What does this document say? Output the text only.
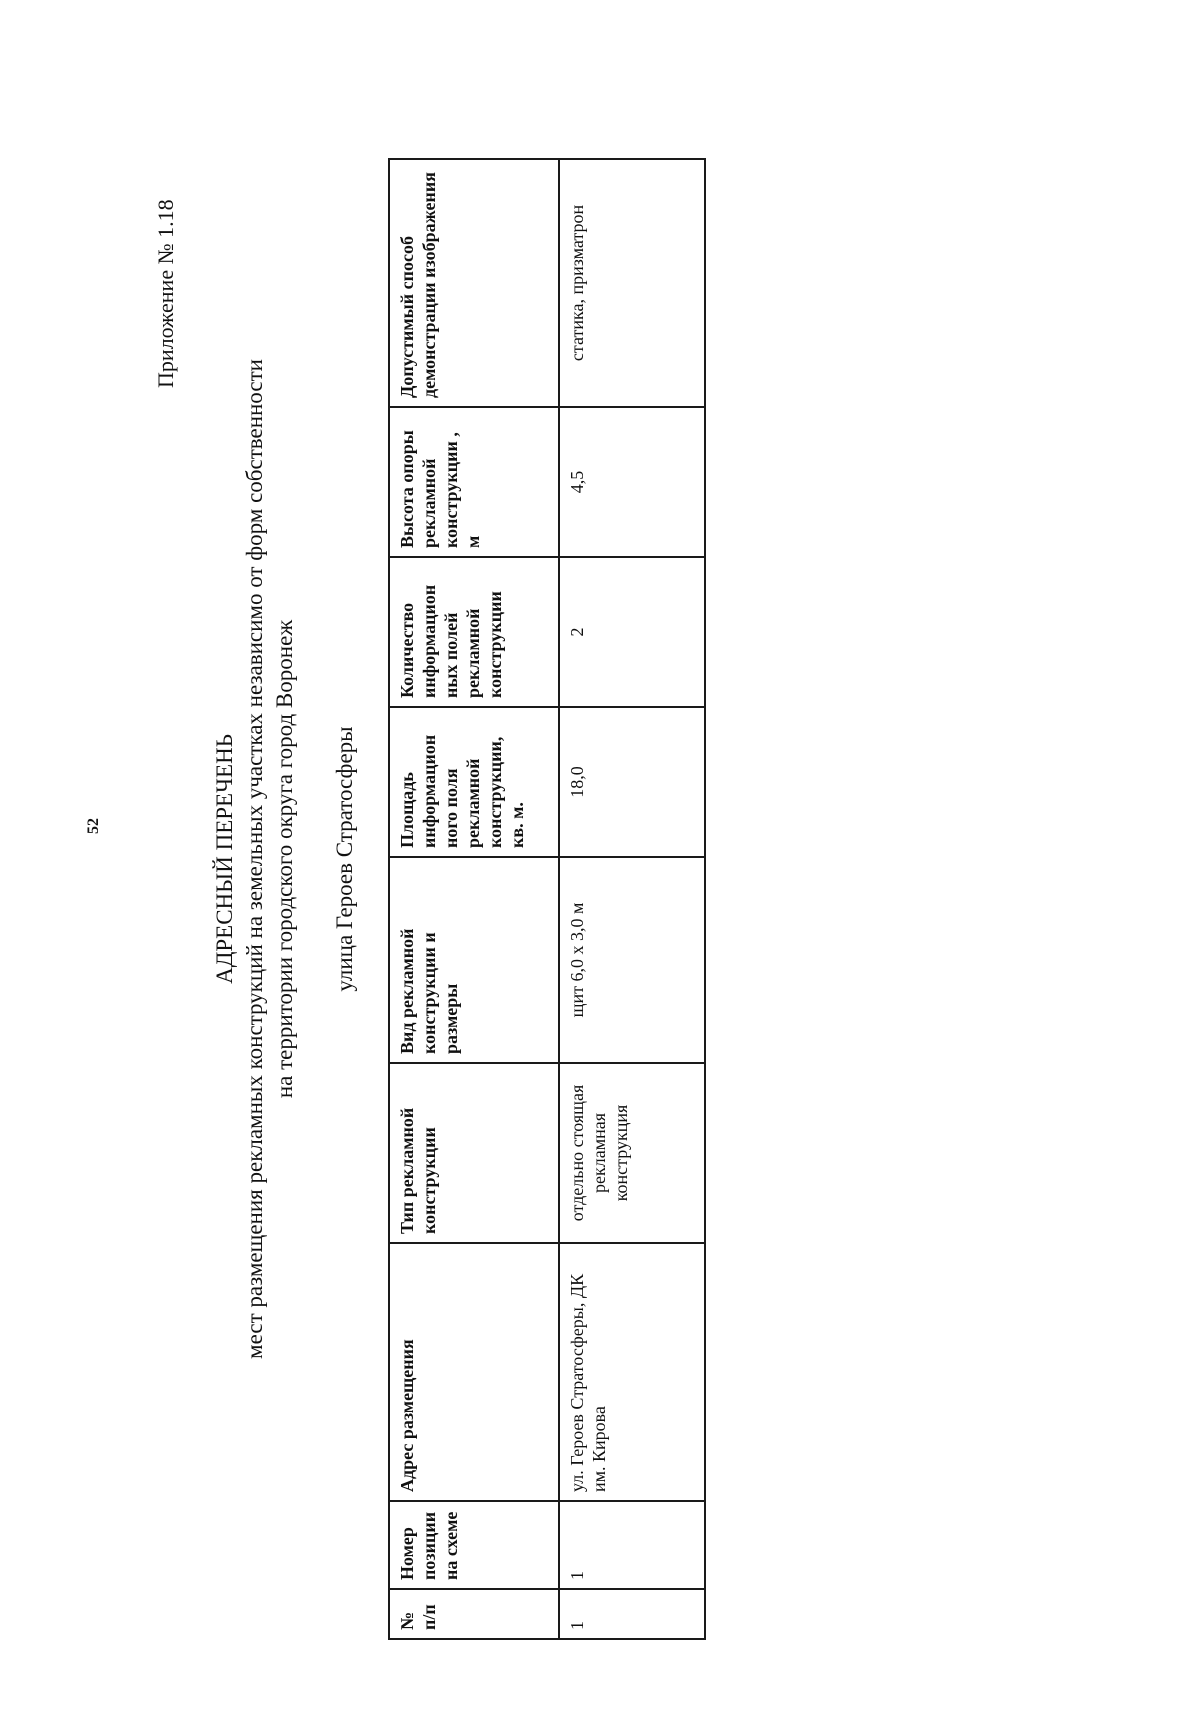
52
Приложение № 1.18
АДРЕСНЫЙ ПЕРЕЧЕНЬ мест размещения рекламных конструкций на земельных участках независимо от форм собственности на территории городского округа город Воронеж улица Героев Стратосферы
№ п/п	Номер позиции на схеме	Адрес размещения	Тип рекламной конструкции	Вид рекламной конструкции и размеры	Площадь информацион ного поля рекламной конструкции, кв. м.	Количество информацион ных полей рекламной конструкции	Высота опоры рекламной конструкции , м	Допустимый способ демонстрации изображения
1	1	ул. Героев Стратосферы, ДК им. Кирова	отдельно стоящая рекламная конструкция	щит 6,0 х 3,0 м	18,0	2	4,5	статика, призматрон
